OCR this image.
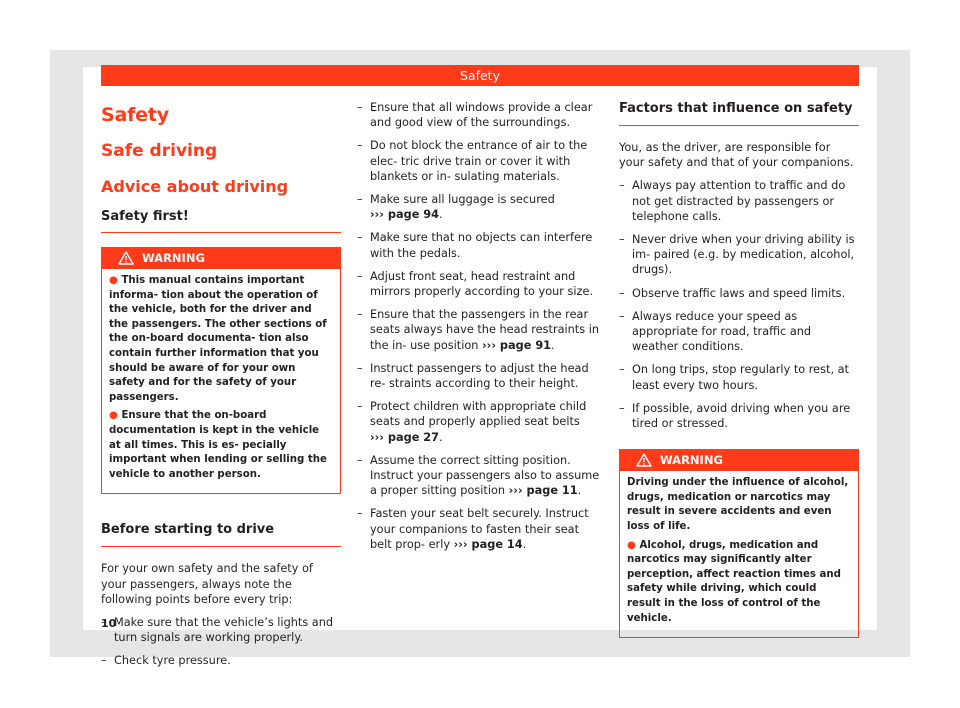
Safety
Safety
Safe driving
Advice about driving
Safety first!
WARNING

● This manual contains important informa- tion about the operation of the vehicle, both for the driver and the passengers. The other sections of the on-board documenta- tion also contain further information that you should be aware of for your own safety and for the safety of your passengers.

● Ensure that the on-board documentation is kept in the vehicle at all times. This is es- pecially important when lending or selling the vehicle to another person.

Before starting to drive

For your own safety and the safety of your passengers, always note the following points before every trip:

– Make sure that the vehicle’s lights and turn signals are working properly.
– Check tyre pressure.
– Ensure that all windows provide a clear and good view of the surroundings.
– Do not block the entrance of air to the elec- tric drive train or cover it with blankets or in- sulating materials.
– Make sure all luggage is secured
››› page 94.
– Make sure that no objects can interfere with the pedals.
– Adjust front seat, head restraint and mirrors properly according to your size.
– Ensure that the passengers in the rear seats always have the head restraints in the in- use position ››› page 91.
– Instruct passengers to adjust the head re- straints according to their height.
– Protect children with appropriate child seats and properly applied seat belts
››› page 27.
– Assume the correct sitting position. Instruct your passengers also to assume a proper sitting position ››› page 11.
– Fasten your seat belt securely. Instruct your companions to fasten their seat belt prop- erly ››› page 14.
Factors that influence on safety

You, as the driver, are responsible for your safety and that of your companions.

– Always pay attention to traffic and do not get distracted by passengers or telephone calls.
– Never drive when your driving ability is im- paired (e.g. by medication, alcohol, drugs).
– Observe traffic laws and speed limits.
– Always reduce your speed as appropriate for road, traffic and weather conditions.
– On long trips, stop regularly to rest, at least every two hours.
– If possible, avoid driving when you are tired or stressed.
WARNING

Driving under the influence of alcohol, drugs, medication or narcotics may result in severe accidents and even loss of life.

● Alcohol, drugs, medication and narcotics may significantly alter perception, affect reaction times and safety while driving, which could result in the loss of control of the vehicle.

10
